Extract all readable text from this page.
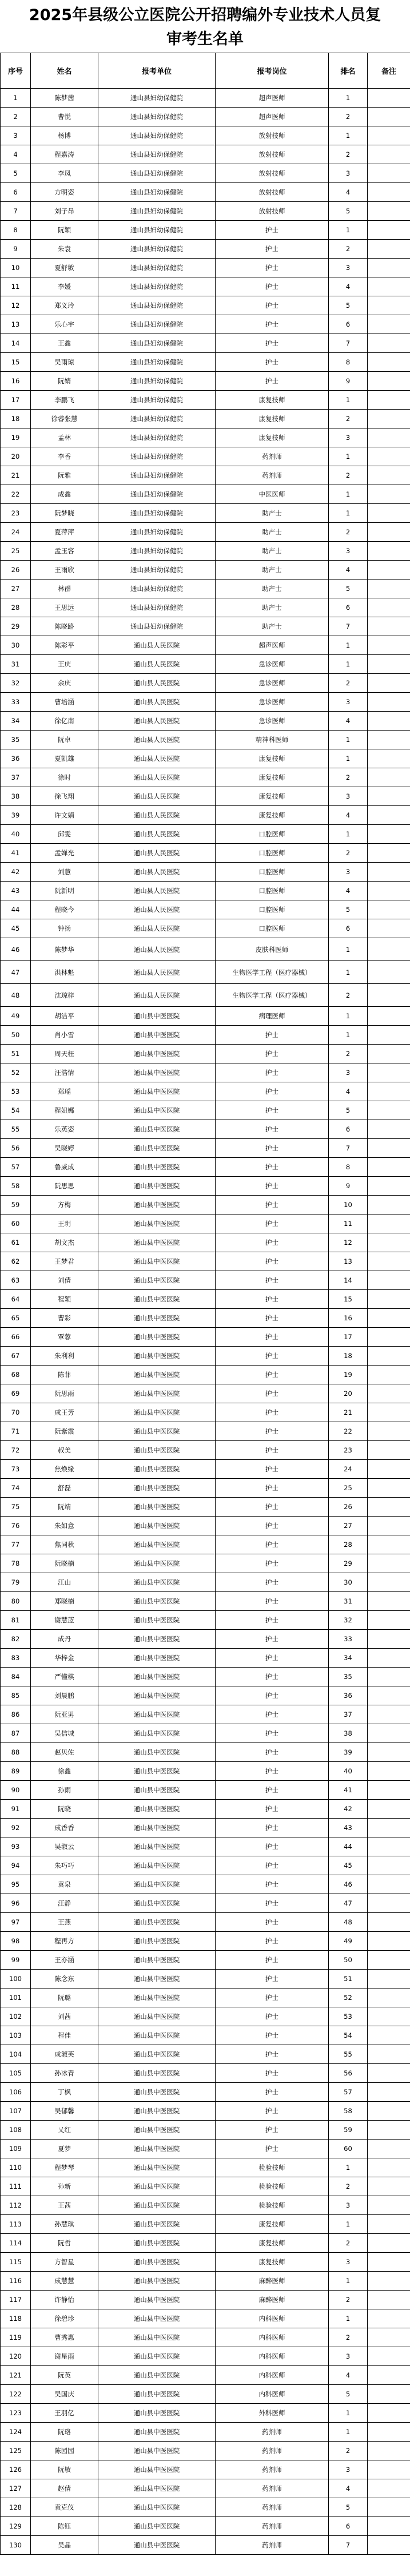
2025年县级公立医院公开招聘编外专业技术人员复审考生名单
序号	姓名	报考单位	报考岗位	排名	备注
1	陈梦茜	通山县妇幼保健院	超声医师	1	
2	曹悦	通山县妇幼保健院	超声医师	2	
3	杨博	通山县妇幼保健院	放射技师	1	
4	程嘉涛	通山县妇幼保健院	放射技师	2	
5	李凤	通山县妇幼保健院	放射技师	3	
6	方明姿	通山县妇幼保健院	放射技师	4	
7	刘子昂	通山县妇幼保健院	放射技师	5	
8	阮颖	通山县妇幼保健院	护士	1	
9	朱袁	通山县妇幼保健院	护士	2	
10	夏舒敏	通山县妇幼保健院	护士	3	
11	李媛	通山县妇幼保健院	护士	4	
12	郑义玲	通山县妇幼保健院	护士	5	
13	乐心宇	通山县妇幼保健院	护士	6	
14	王鑫	通山县妇幼保健院	护士	7	
15	吴雨琼	通山县妇幼保健院	护士	8	
16	阮婧	通山县妇幼保健院	护士	9	
17	李鹏飞	通山县妇幼保健院	康复技师	1	
18	徐睿张慧	通山县妇幼保健院	康复技师	2	
19	孟林	通山县妇幼保健院	康复技师	3	
20	李香	通山县妇幼保健院	药剂师	1	
21	阮雅	通山县妇幼保健院	药剂师	2	
22	成鑫	通山县妇幼保健院	中医医师	1	
23	阮梦晓	通山县妇幼保健院	助产士	1	
24	夏萍萍	通山县妇幼保健院	助产士	2	
25	孟玉容	通山县妇幼保健院	助产士	3	
26	王雨欣	通山县妇幼保健院	助产士	4	
27	林群	通山县妇幼保健院	助产士	5	
28	王思远	通山县妇幼保健院	助产士	6	
29	陈晓路	通山县妇幼保健院	助产士	7	
30	陈彩平	通山县人民医院	超声医师	1	
31	王庆	通山县人民医院	急诊医师	1	
32	余庆	通山县人民医院	急诊医师	2	
33	曹培涵	通山县人民医院	急诊医师	3	
34	徐亿南	通山县人民医院	急诊医师	4	
35	阮卓	通山县人民医院	精神科医师	1	
36	夏凯雄	通山县人民医院	康复技师	1	
37	徐时	通山县人民医院	康复技师	2	
38	徐飞翔	通山县人民医院	康复技师	3	
39	许文娟	通山县人民医院	康复技师	4	
40	邱雯	通山县人民医院	口腔医师	1	
41	孟婵光	通山县人民医院	口腔医师	2	
42	刘慧	通山县人民医院	口腔医师	3	
43	阮新明	通山县人民医院	口腔医师	4	
44	程晓今	通山县人民医院	口腔医师	5	
45	钟扬	通山县人民医院	口腔医师	6	
46	陈梦华	通山县人民医院	皮肤科医师	1	
47	洪林魁	通山县人民医院	生物医学工程（医疗器械）	1	
48	沈琼梓	通山县人民医院	生物医学工程（医疗器械）	2	
49	胡洁平	通山县中医医院	病理医师	1	
50	肖小雪	通山县中医医院	护士	1	
51	周天枉	通山县中医医院	护士	2	
52	汪浩情	通山县中医医院	护士	3	
53	郑瑶	通山县中医医院	护士	4	
54	程妞娜	通山县中医医院	护士	5	
55	乐英姿	通山县中医医院	护士	6	
56	吴晓婷	通山县中医医院	护士	7	
57	鲁威成	通山县中医医院	护士	8	
58	阮思思	通山县中医医院	护士	9	
59	方梅	通山县中医医院	护士	10	
60	王玥	通山县中医医院	护士	11	
61	胡文杰	通山县中医医院	护士	12	
62	王梦君	通山县中医医院	护士	13	
63	刘倩	通山县中医医院	护士	14	
64	程颖	通山县中医医院	护士	15	
65	曹彩	通山县中医医院	护士	16	
66	覃蓉	通山县中医医院	护士	17	
67	朱利利	通山县中医医院	护士	18	
68	陈菲	通山县中医医院	护士	19	
69	阮思雨	通山县中医医院	护士	20	
70	成王芳	通山县中医医院	护士	21	
71	阮紫霞	通山县中医医院	护士	22	
72	叔美	通山县中医医院	护士	23	
73	焦焕缘	通山县中医医院	护士	24	
74	舒磊	通山县中医医院	护士	25	
75	阮靖	通山县中医医院	护士	26	
76	朱如意	通山县中医医院	护士	27	
77	焦同秋	通山县中医医院	护士	28	
78	阮晓楠	通山县中医医院	护士	29	
79	江山	通山县中医医院	护士	30	
80	郑晓楠	通山县中医医院	护士	31	
81	谢慧蓝	通山县中医医院	护士	32	
82	成丹	通山县中医医院	护士	33	
83	华梓金	通山县中医医院	护士	34	
84	严懂棋	通山县中医医院	护士	35	
85	刘晨鹏	通山县中医医院	护士	36	
86	阮亚男	通山县中医医院	护士	37	
87	吴信城	通山县中医医院	护士	38	
88	赵贝佐	通山县中医医院	护士	39	
89	徐鑫	通山县中医医院	护士	40	
90	孙雨	通山县中医医院	护士	41	
91	阮晓	通山县中医医院	护士	42	
92	成香香	通山县中医医院	护士	43	
93	吴淑云	通山县中医医院	护士	44	
94	朱巧巧	通山县中医医院	护士	45	
95	袁泉	通山县中医医院	护士	46	
96	汪静	通山县中医医院	护士	47	
97	王燕	通山县中医医院	护士	48	
98	程再方	通山县中医医院	护士	49	
99	王亦涵	通山县中医医院	护士	50	
100	陈念东	通山县中医医院	护士	51	
101	阮璐	通山县中医医院	护士	52	
102	刘茜	通山县中医医院	护士	53	
103	程佳	通山县中医医院	护士	54	
104	成淑芙	通山县中医医院	护士	55	
105	孙冰青	通山县中医医院	护士	56	
106	丁枫	通山县中医医院	护士	57	
107	吴郁馨	通山县中医医院	护士	58	
108	乂红	通山县中医医院	护士	59	
109	夏梦	通山县中医医院	护士	60	
110	程梦琴	通山县中医医院	检验技师	1	
111	孙新	通山县中医医院	检验技师	2	
112	王茜	通山县中医医院	检验技师	3	
113	孙慧琪	通山县中医医院	康复技师	1	
114	阮哲	通山县中医医院	康复技师	2	
115	方智星	通山县中医医院	康复技师	3	
116	成慧慧	通山县中医医院	麻醉医师	1	
117	许静怡	通山县中医医院	麻醉医师	2	
118	徐碧珍	通山县中医医院	内科医师	1	
119	曹秀惠	通山县中医医院	内科医师	2	
120	谢星雨	通山县中医医院	内科医师	3	
121	阮英	通山县中医医院	内科医师	4	
122	吴国庆	通山县中医医院	内科医师	5	
123	王羽亿	通山县中医医院	外科医师	1	
124	阮珞	通山县中医医院	药剂师	1	
125	陈园园	通山县中医医院	药剂师	2	
126	阮敏	通山县中医医院	药剂师	3	
127	赵倩	通山县中医医院	药剂师	4	
128	袁克仪	通山县中医医院	药剂师	5	
129	陈钰	通山县中医医院	药剂师	6	
130	吴晶	通山县中医医院	药剂师	7	
